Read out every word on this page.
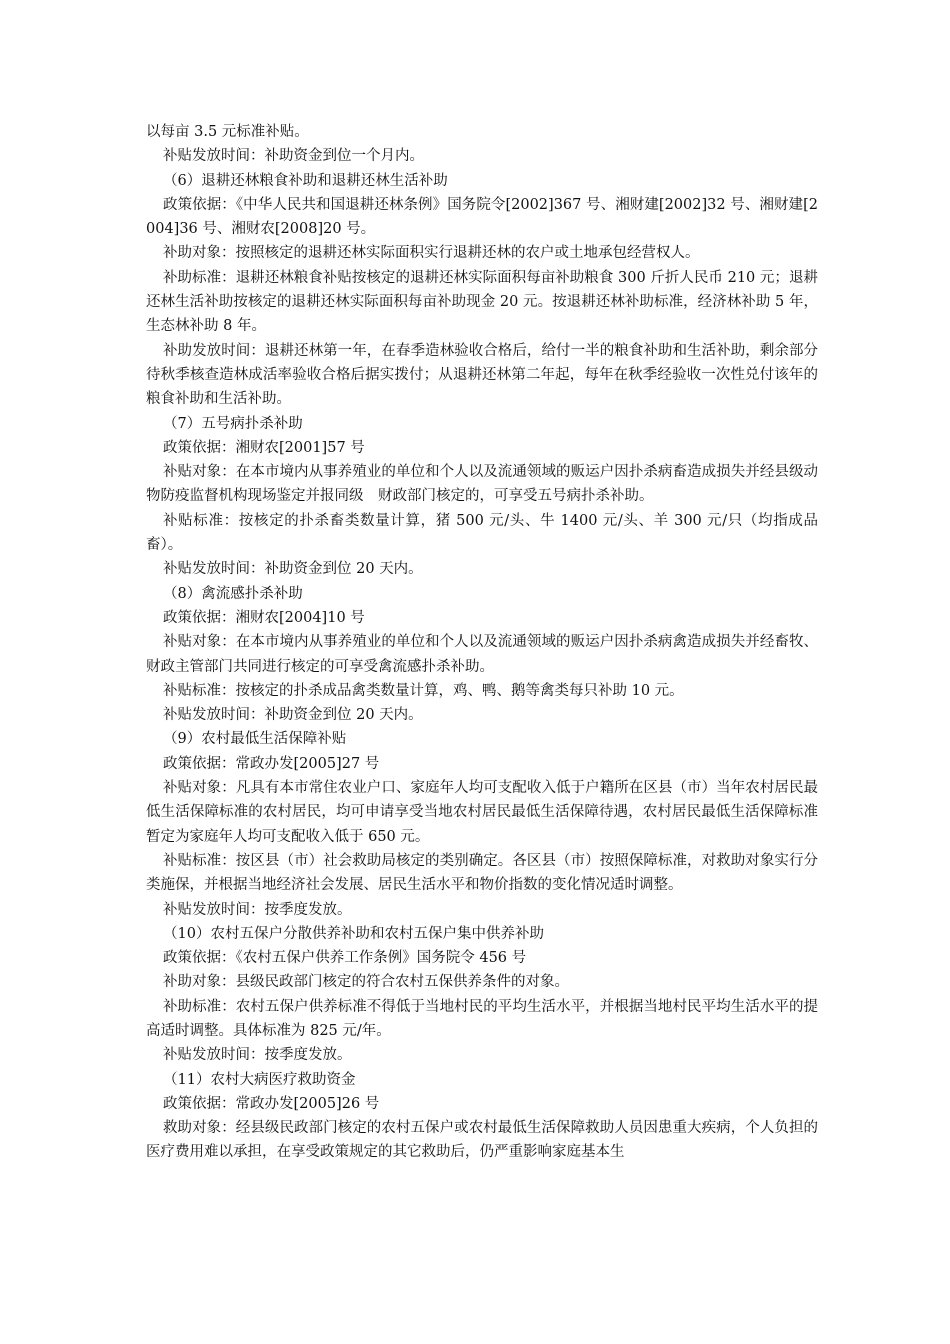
以每亩 3.5 元标准补贴。

补贴发放时间：补助资金到位一个月内。

（6）退耕还林粮食补助和退耕还林生活补助

政策依据：《中华人民共和国退耕还林条例》国务院令[2002]367 号、湘财建[2002]32 号、湘财建[2004]36 号、湘财农[2008]20 号。

补助对象：按照核定的退耕还林实际面积实行退耕还林的农户或土地承包经营权人。

补助标准：退耕还林粮食补贴按核定的退耕还林实际面积每亩补助粮食 300 斤折人民币 210 元；退耕还林生活补助按核定的退耕还林实际面积每亩补助现金 20 元。按退耕还林补助标准，经济林补助 5 年，生态林补助 8 年。

补助发放时间：退耕还林第一年，在春季造林验收合格后，给付一半的粮食补助和生活补助，剩余部分待秋季核查造林成活率验收合格后据实拨付；从退耕还林第二年起，每年在秋季经验收一次性兑付该年的粮食补助和生活补助。

（7）五号病扑杀补助

政策依据：湘财农[2001]57 号

补贴对象：在本市境内从事养殖业的单位和个人以及流通领域的贩运户因扑杀病畜造成损失并经县级动物防疫监督机构现场鉴定并报同级　财政部门核定的，可享受五号病扑杀补助。

补贴标准：按核定的扑杀畜类数量计算，猪 500 元/头、牛 1400 元/头、羊 300 元/只（均指成品畜）。

补贴发放时间：补助资金到位 20 天内。

（8）禽流感扑杀补助

政策依据：湘财农[2004]10 号

补贴对象：在本市境内从事养殖业的单位和个人以及流通领域的贩运户因扑杀病禽造成损失并经畜牧、财政主管部门共同进行核定的可享受禽流感扑杀补助。

补贴标准：按核定的扑杀成品禽类数量计算，鸡、鸭、鹅等禽类每只补助 10 元。

补贴发放时间：补助资金到位 20 天内。

（9）农村最低生活保障补贴

政策依据：常政办发[2005]27 号

补贴对象：凡具有本市常住农业户口、家庭年人均可支配收入低于户籍所在区县（市）当年农村居民最低生活保障标准的农村居民，均可申请享受当地农村居民最低生活保障待遇，农村居民最低生活保障标准暂定为家庭年人均可支配收入低于 650 元。

补贴标准：按区县（市）社会救助局核定的类别确定。各区县（市）按照保障标准，对救助对象实行分类施保，并根据当地经济社会发展、居民生活水平和物价指数的变化情况适时调整。

补贴发放时间：按季度发放。

（10）农村五保户分散供养补助和农村五保户集中供养补助

政策依据：《农村五保户供养工作条例》国务院令 456 号

补助对象：县级民政部门核定的符合农村五保供养条件的对象。

补助标准：农村五保户供养标准不得低于当地村民的平均生活水平，并根据当地村民平均生活水平的提高适时调整。具体标准为 825 元/年。

补贴发放时间：按季度发放。

（11）农村大病医疗救助资金

政策依据：常政办发[2005]26 号

救助对象：经县级民政部门核定的农村五保户或农村最低生活保障救助人员因患重大疾病，个人负担的医疗费用难以承担，在享受政策规定的其它救助后，仍严重影响家庭基本生
